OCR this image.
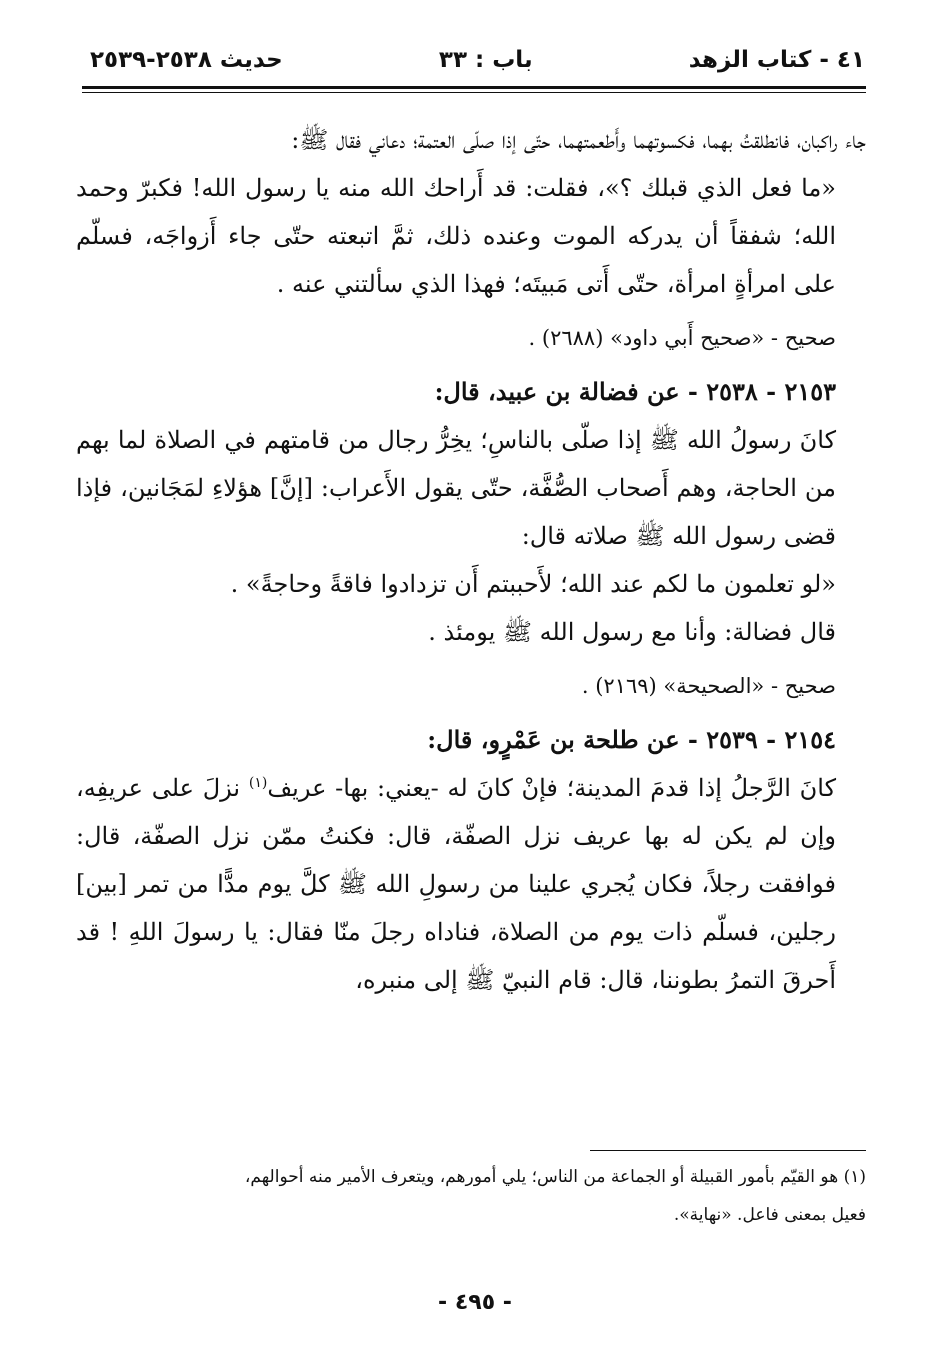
٤١ - كتاب الزهد
باب : ٣٣
حديث ٢٥٣٨-٢٥٣٩

جاء راكبان، فانطلقتُ بهما، فكسوتهما وأَطعمتهما، حتّى إذا صلّى العتمة؛ دعاني فقال ﷺ:

«ما فعل الذي قبلك ؟»، فقلت: قد أَراحك الله منه يا رسول الله! فكبرّ وحمد الله؛ شفقاً أن يدركه الموت وعنده ذلك، ثمَّ اتبعته حتّى جاء أَزواجَه، فسلّم على امرأةٍ امرأة، حتّى أَتى مَبيتَه؛ فهذا الذي سألتني عنه .

صحيح - «صحيح أَبي داود» (٢٦٨٨) .

٢١٥٣ - ٢٥٣٨ - عن فضالة بن عبيد، قال:

كانَ رسولُ الله ﷺ إذا صلّى بالناسِ؛ يخِرُّ رجال من قامتهم في الصلاة لما بهم من الحاجة، وهم أَصحاب الصُّفَّة، حتّى يقول الأَعراب: [إنَّ] هؤلاءِ لمَجَانين، فإذا قضى رسول الله ﷺ صلاته قال:

«لو تعلمون ما لكم عند الله؛ لأَحببتم أَن تزدادوا فاقةً وحاجةً» .

قال فضالة: وأنا مع رسول الله ﷺ يومئذ .

صحيح - «الصحيحة» (٢١٦٩) .

٢١٥٤ - ٢٥٣٩ - عن طلحة بن عَمْرٍو، قال:

كانَ الرَّجلُ إذا قدمَ المدينة؛ فإنْ كانَ له -يعني: بها- عريف$^{(١)}$ نزلَ على عريفِه، وإن لم يكن له بها عريف نزل الصفّة، قال: فكنتُ ممّن نزل الصفّة، قال: فوافقت رجلاً، فكان يُجري علينا من رسولِ الله ﷺ كلَّ يوم مدًّا من تمر [بين] رجلين، فسلّم ذات يوم من الصلاة، فناداه رجلَ منّا فقال: يا رسولَ اللهِ ! قد أَحرقَ التمرُ بطوننا، قال: قام النبيّ ﷺ إلى منبره،

(١) هو القيّم بأمور القبيلة أو الجماعة من الناس؛ يلي أمورهم، ويتعرف الأمير منه أحوالهم،

فعيل بمعنى فاعل. «نهاية».

- ٤٩٥ -
